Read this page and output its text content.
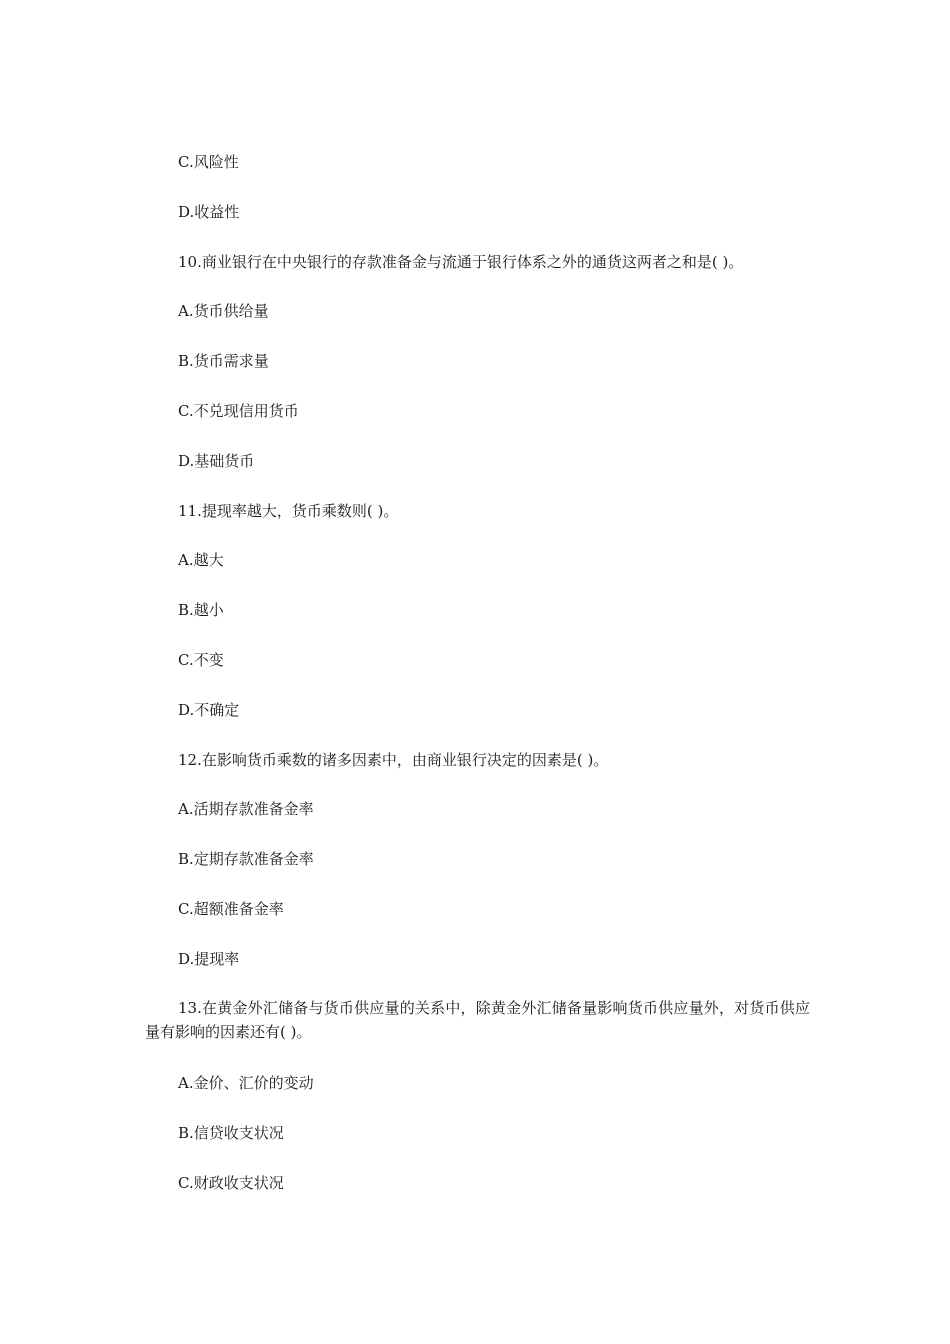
C.风险性
D.收益性
10.商业银行在中央银行的存款准备金与流通于银行体系之外的通货这两者之和是( )。
A.货币供给量
B.货币需求量
C.不兑现信用货币
D.基础货币
11.提现率越大，货币乘数则( )。
A.越大
B.越小
C.不变
D.不确定
12.在影响货币乘数的诸多因素中，由商业银行决定的因素是( )。
A.活期存款准备金率
B.定期存款准备金率
C.超额准备金率
D.提现率
13.在黄金外汇储备与货币供应量的关系中，除黄金外汇储备量影响货币供应量外，对货币供应量有影响的因素还有( )。
A.金价、汇价的变动
B.信贷收支状况
C.财政收支状况
